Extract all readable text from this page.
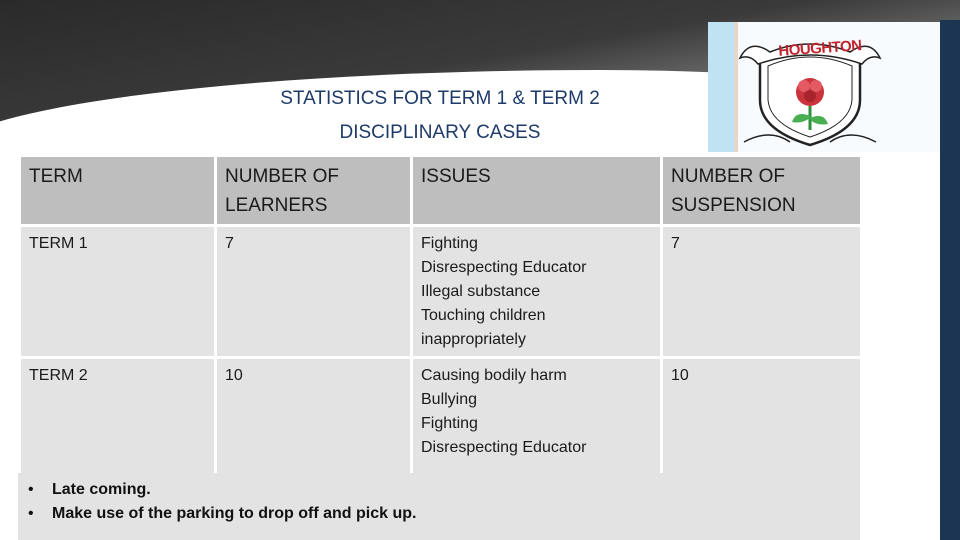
HOUGHTON
STATISTICS FOR TERM 1 & TERM 2
DISCIPLINARY CASES
TERM	NUMBER OF LEARNERS	ISSUES	NUMBER OF SUSPENSION
TERM 1	7	Fighting
Disrespecting Educator
Illegal substance
Touching children inappropriately	7
TERM 2	10	Causing bodily harm
Bullying
Fighting
Disrespecting Educator	10
• Late coming.
• Make use of the parking to drop off and pick up.
